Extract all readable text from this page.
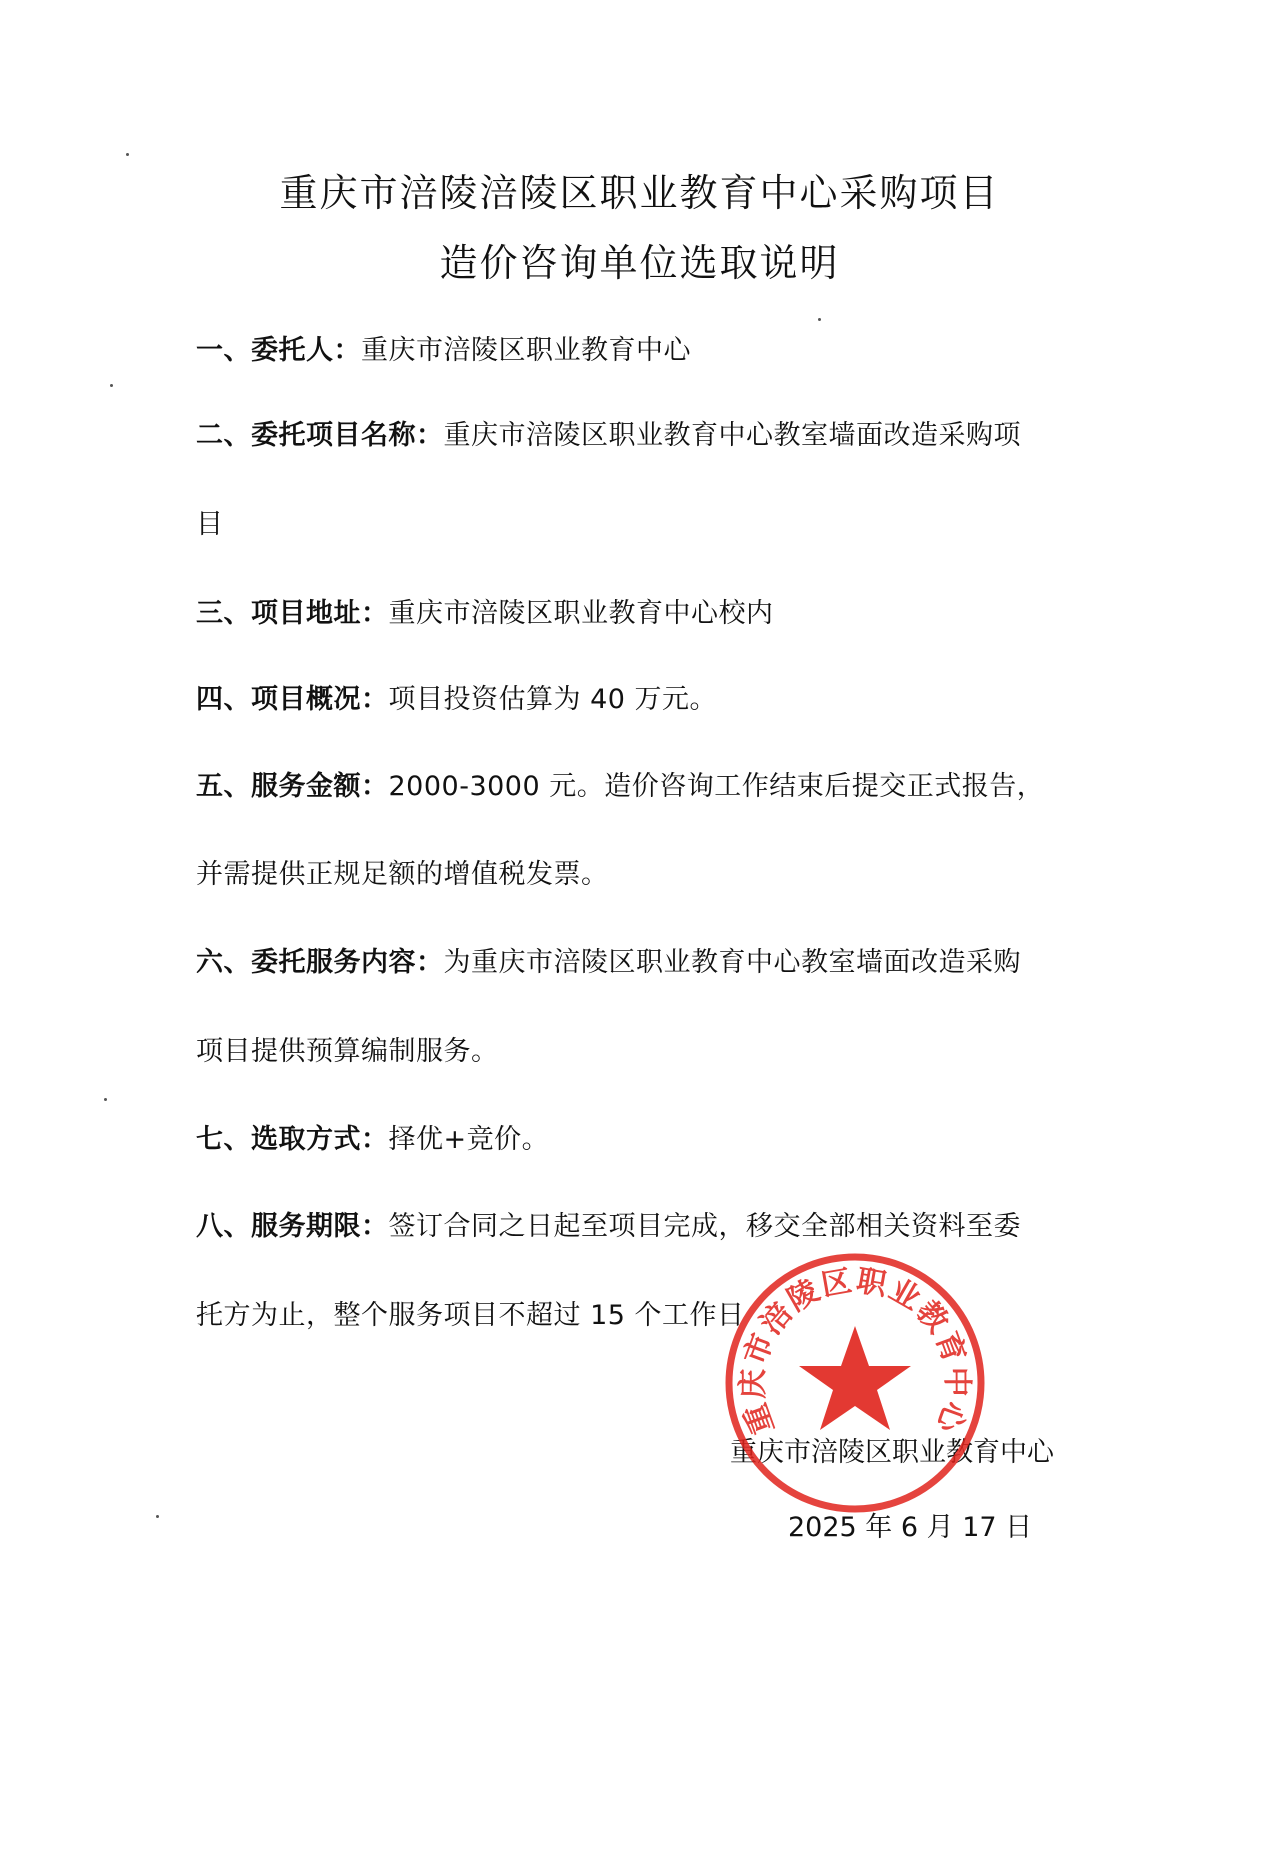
重庆市涪陵涪陵区职业教育中心采购项目
造价咨询单位选取说明
一、委托人：重庆市涪陵区职业教育中心
二、委托项目名称：重庆市涪陵区职业教育中心教室墙面改造采购项
目
三、项目地址：重庆市涪陵区职业教育中心校内
四、项目概况：项目投资估算为 40 万元。
五、服务金额：2000-3000 元。造价咨询工作结束后提交正式报告，
并需提供正规足额的增值税发票。
六、委托服务内容：为重庆市涪陵区职业教育中心教室墙面改造采购
项目提供预算编制服务。
七、选取方式：择优+竞价。
八、服务期限：签订合同之日起至项目完成，移交全部相关资料至委
托方为止，整个服务项目不超过 15 个工作日
重庆市涪陵区职业教育中心
2025 年 6 月 17 日
重庆市涪陵区职业教育中心
